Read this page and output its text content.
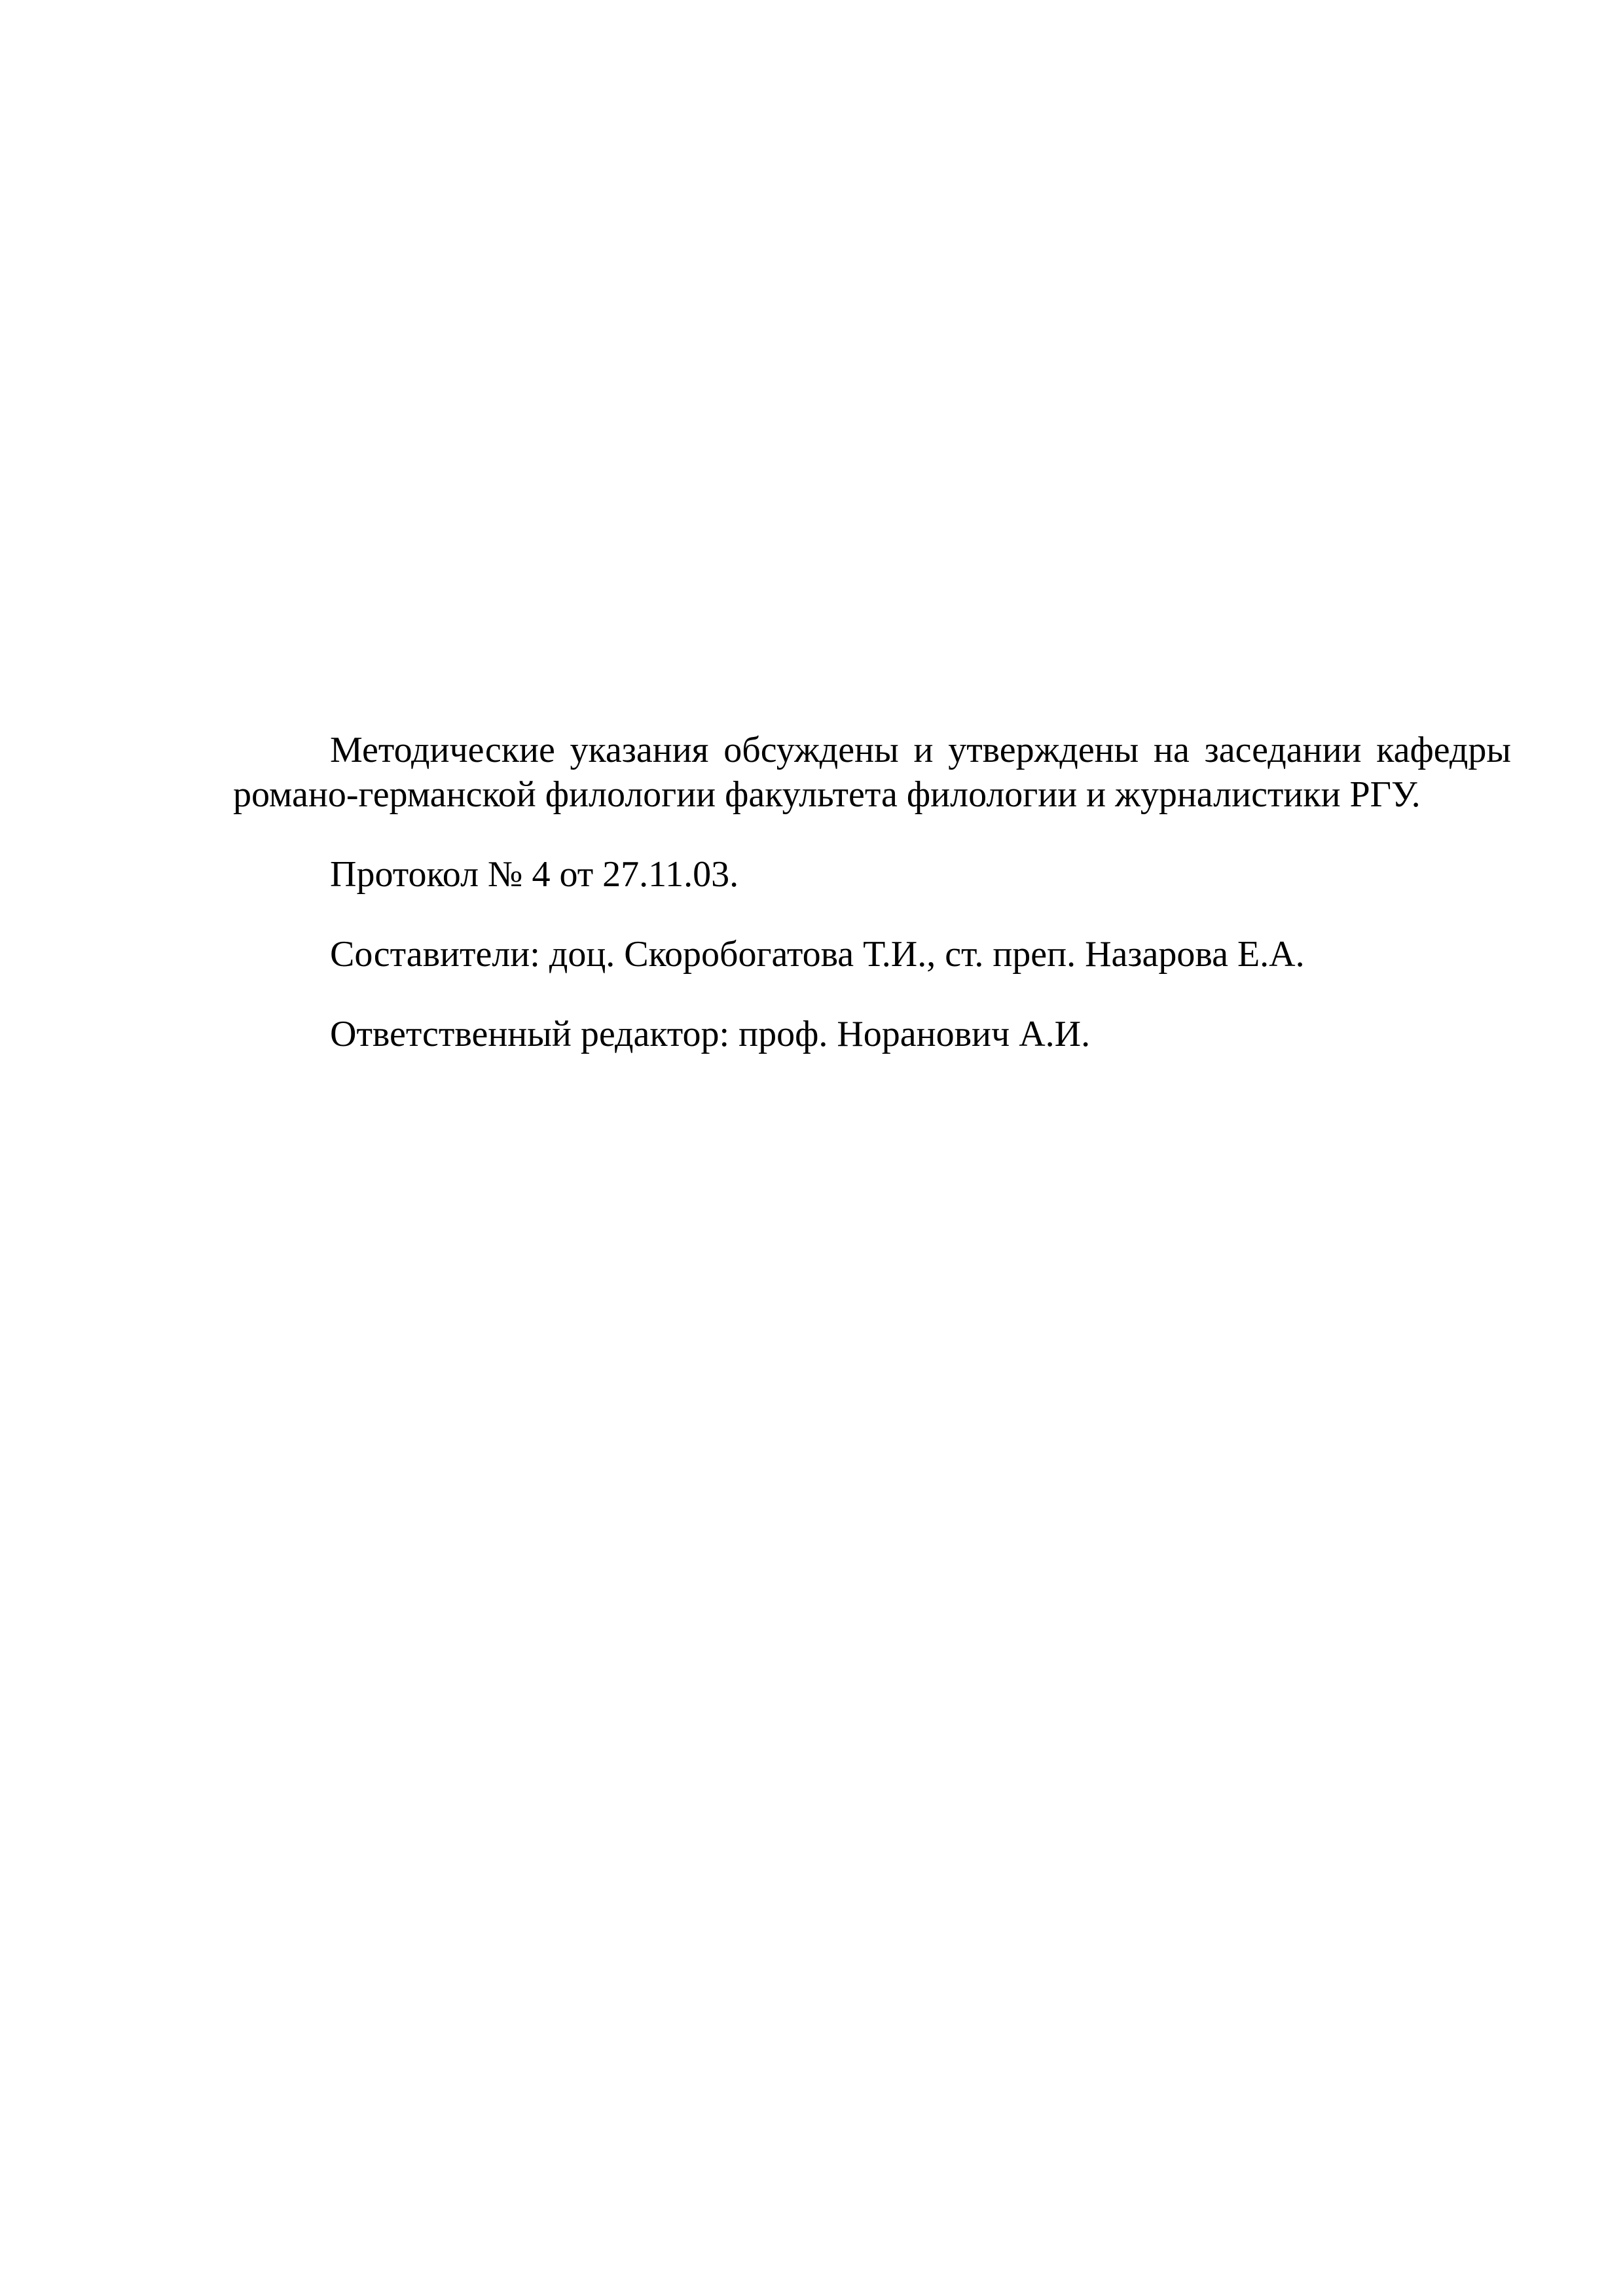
Методические указания обсуждены и утверждены на заседании кафедры романо-германской филологии факультета филологии и журналистики РГУ.

Протокол № 4 от 27.11.03.

Составители: доц. Скоробогатова Т.И., ст. преп. Назарова Е.А.

Ответственный редактор: проф. Норанович А.И.
